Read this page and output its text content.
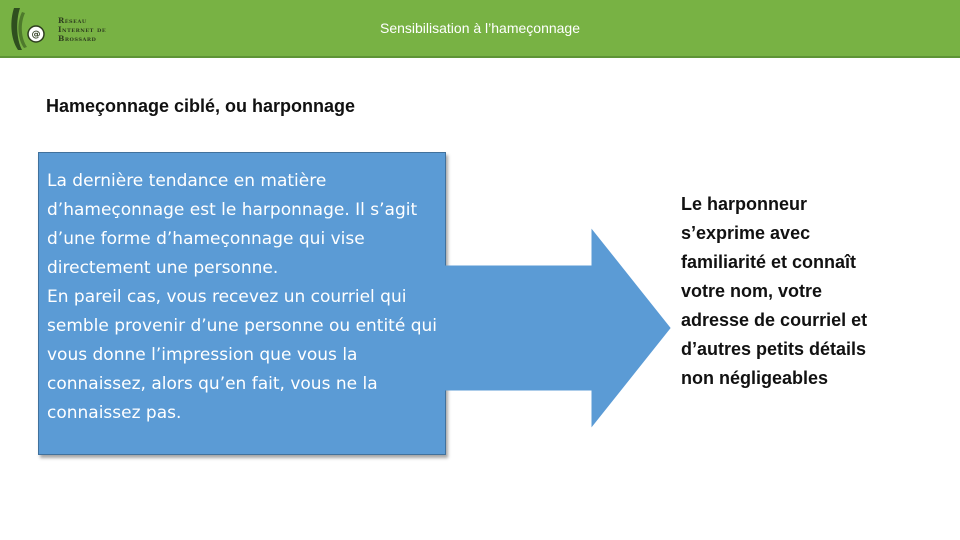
@
Réseau Internet de Brossard
Sensibilisation à l’hameçonnage
Hameçonnage ciblé, ou harponnage
La dernière tendance en matière d’hameçonnage est le harponnage. Il s’agit d’une forme d’hameçonnage qui vise directement une personne.
En pareil cas, vous recevez un courriel qui semble provenir d’une personne ou entité qui vous donne l’impression que vous la connaissez, alors qu’en fait, vous ne la connaissez pas.
Le harponneur s’exprime avec familiarité et connaît votre nom, votre adresse de courriel et d’autres petits détails non négligeables
